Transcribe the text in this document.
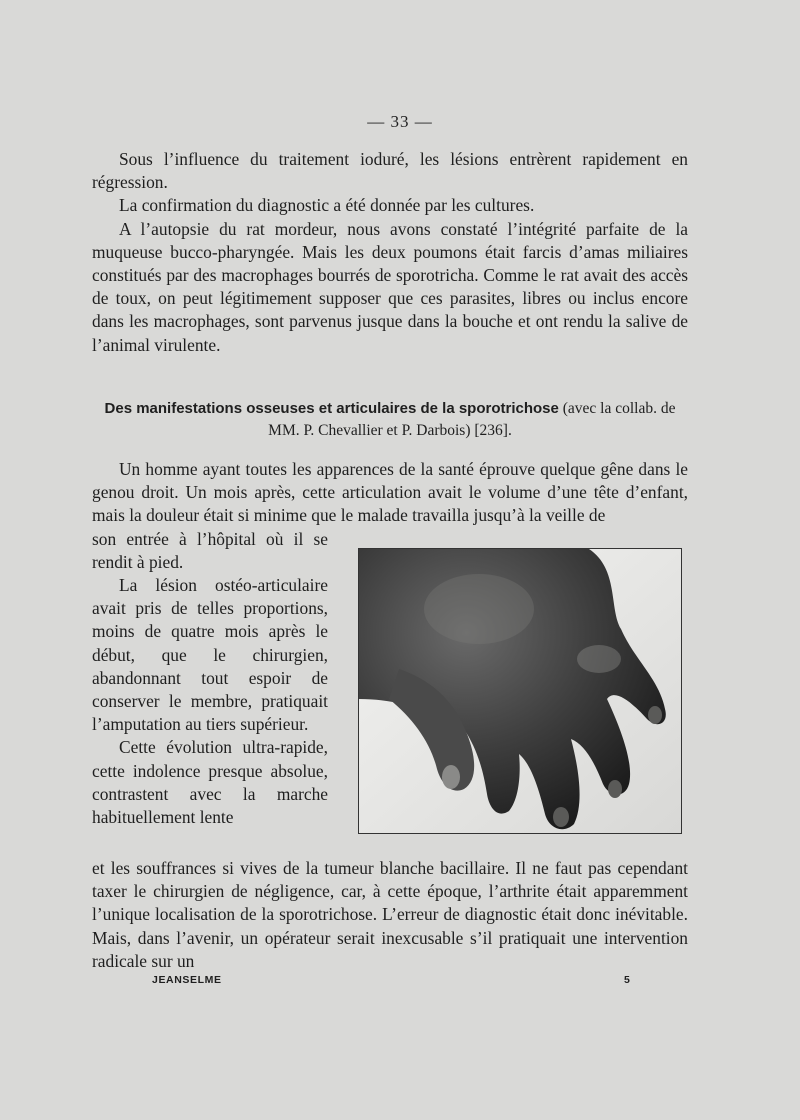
— 33 —

Sous l’influence du traitement ioduré, les lésions entrèrent rapidement en régression.

La confirmation du diagnostic a été donnée par les cultures.

A l’autopsie du rat mordeur, nous avons constaté l’intégrité parfaite de la muqueuse bucco-pharyngée. Mais les deux poumons était farcis d’amas miliaires constitués par des macrophages bourrés de sporotricha. Comme le rat avait des accès de toux, on peut légitimement supposer que ces parasites, libres ou inclus encore dans les macrophages, sont parvenus jusque dans la bouche et ont rendu la salive de l’animal virulente.

Des manifestations osseuses et articulaires de la sporotrichose (avec la collab. de MM. P. Chevallier et P. Darbois) [236].

Un homme ayant toutes les apparences de la santé éprouve quelque gêne dans le genou droit. Un mois après, cette articulation avait le volume d’une tête d’enfant, mais la douleur était si minime que le malade travailla jusqu’à la veille de

son entrée à l’hôpital où il se rendit à pied.

La lésion ostéo-articulaire avait pris de telles proportions, moins de quatre mois après le début, que le chirurgien, abandonnant tout espoir de conserver le membre, pratiquait l’amputation au tiers supérieur.

Cette évolution ultra-rapide, cette indolence presque absolue, contrastent avec la marche habituellement lente

et les souffrances si vives de la tumeur blanche bacillaire. Il ne faut pas cependant taxer le chirurgien de négligence, car, à cette époque, l’arthrite était apparemment l’unique localisation de la sporotrichose. L’erreur de diagnostic était donc inévitable. Mais, dans l’avenir, un opérateur serait inexcusable s’il pratiquait une intervention radicale sur un

JEANSELME	5
